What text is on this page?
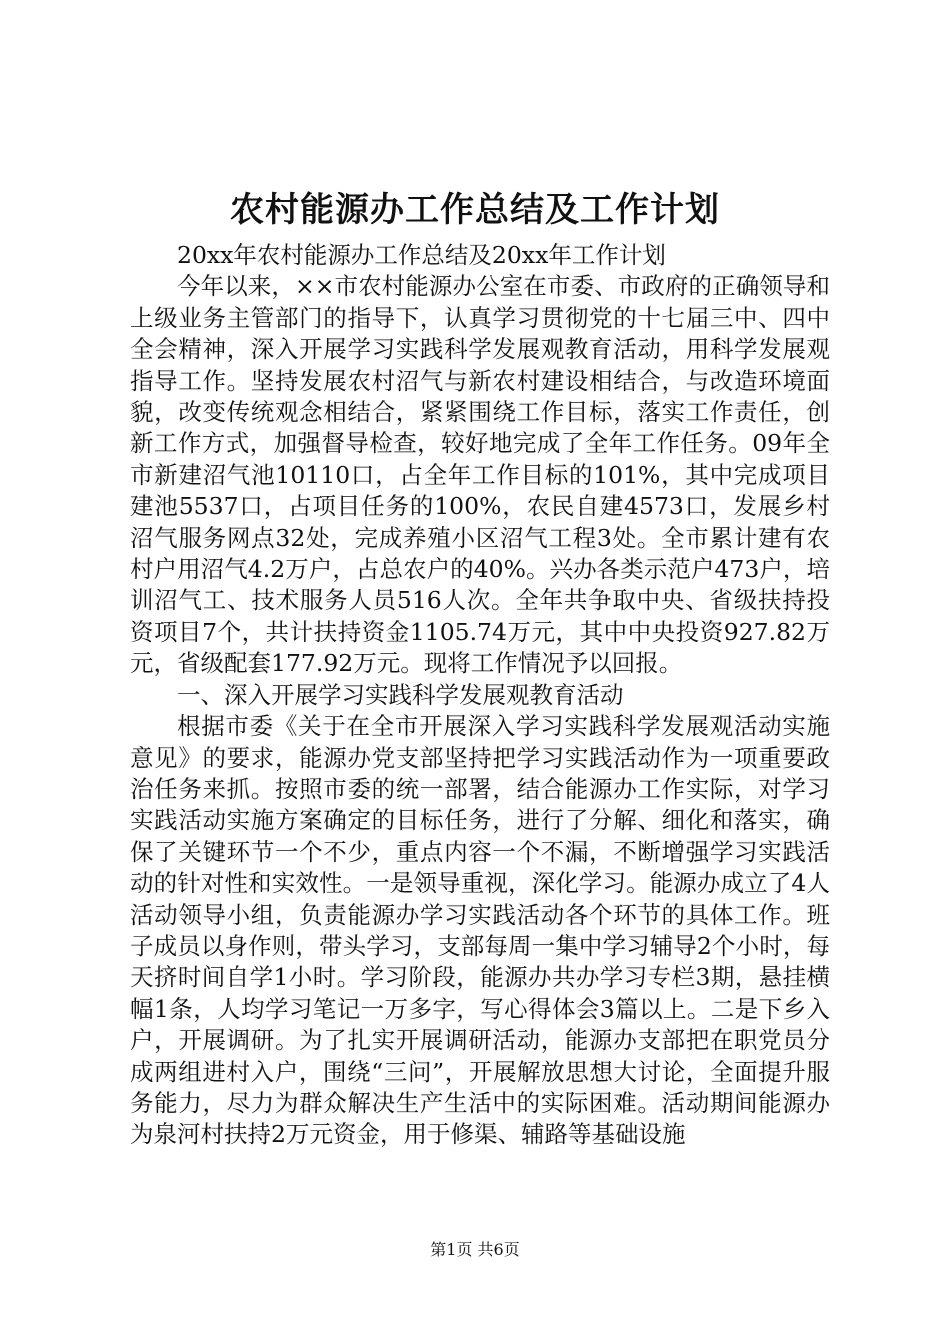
农村能源办工作总结及工作计划

20xx年农村能源办工作总结及20xx年工作计划

今年以来，××市农村能源办公室在市委、市政府的正确领导和上级业务主管部门的指导下，认真学习贯彻党的十七届三中、四中全会精神，深入开展学习实践科学发展观教育活动，用科学发展观指导工作。坚持发展农村沼气与新农村建设相结合，与改造环境面貌，改变传统观念相结合，紧紧围绕工作目标，落实工作责任，创新工作方式，加强督导检查，较好地完成了全年工作任务。09年全市新建沼气池10110口，占全年工作目标的101%，其中完成项目建池5537口，占项目任务的100%，农民自建4573口，发展乡村沼气服务网点32处，完成养殖小区沼气工程3处。全市累计建有农村户用沼气4.2万户，占总农户的40%。兴办各类示范户473户，培训沼气工、技术服务人员516人次。全年共争取中央、省级扶持投资项目7个，共计扶持资金1105.74万元，其中中央投资927.82万元，省级配套177.92万元。现将工作情况予以回报。

一、深入开展学习实践科学发展观教育活动

根据市委《关于在全市开展深入学习实践科学发展观活动实施意见》的要求，能源办党支部坚持把学习实践活动作为一项重要政治任务来抓。按照市委的统一部署，结合能源办工作实际，对学习实践活动实施方案确定的目标任务，进行了分解、细化和落实，确保了关键环节一个不少，重点内容一个不漏，不断增强学习实践活动的针对性和实效性。一是领导重视，深化学习。能源办成立了4人活动领导小组，负责能源办学习实践活动各个环节的具体工作。班子成员以身作则，带头学习，支部每周一集中学习辅导2个小时，每天挤时间自学1小时。学习阶段，能源办共办学习专栏3期，悬挂横幅1条，人均学习笔记一万多字，写心得体会3篇以上。二是下乡入户，开展调研。为了扎实开展调研活动，能源办支部把在职党员分成两组进村入户，围绕“三问”，开展解放思想大讨论，全面提升服务能力，尽力为群众解决生产生活中的实际困难。活动期间能源办为泉河村扶持2万元资金，用于修渠、辅路等基础设施

第1页 共6页
